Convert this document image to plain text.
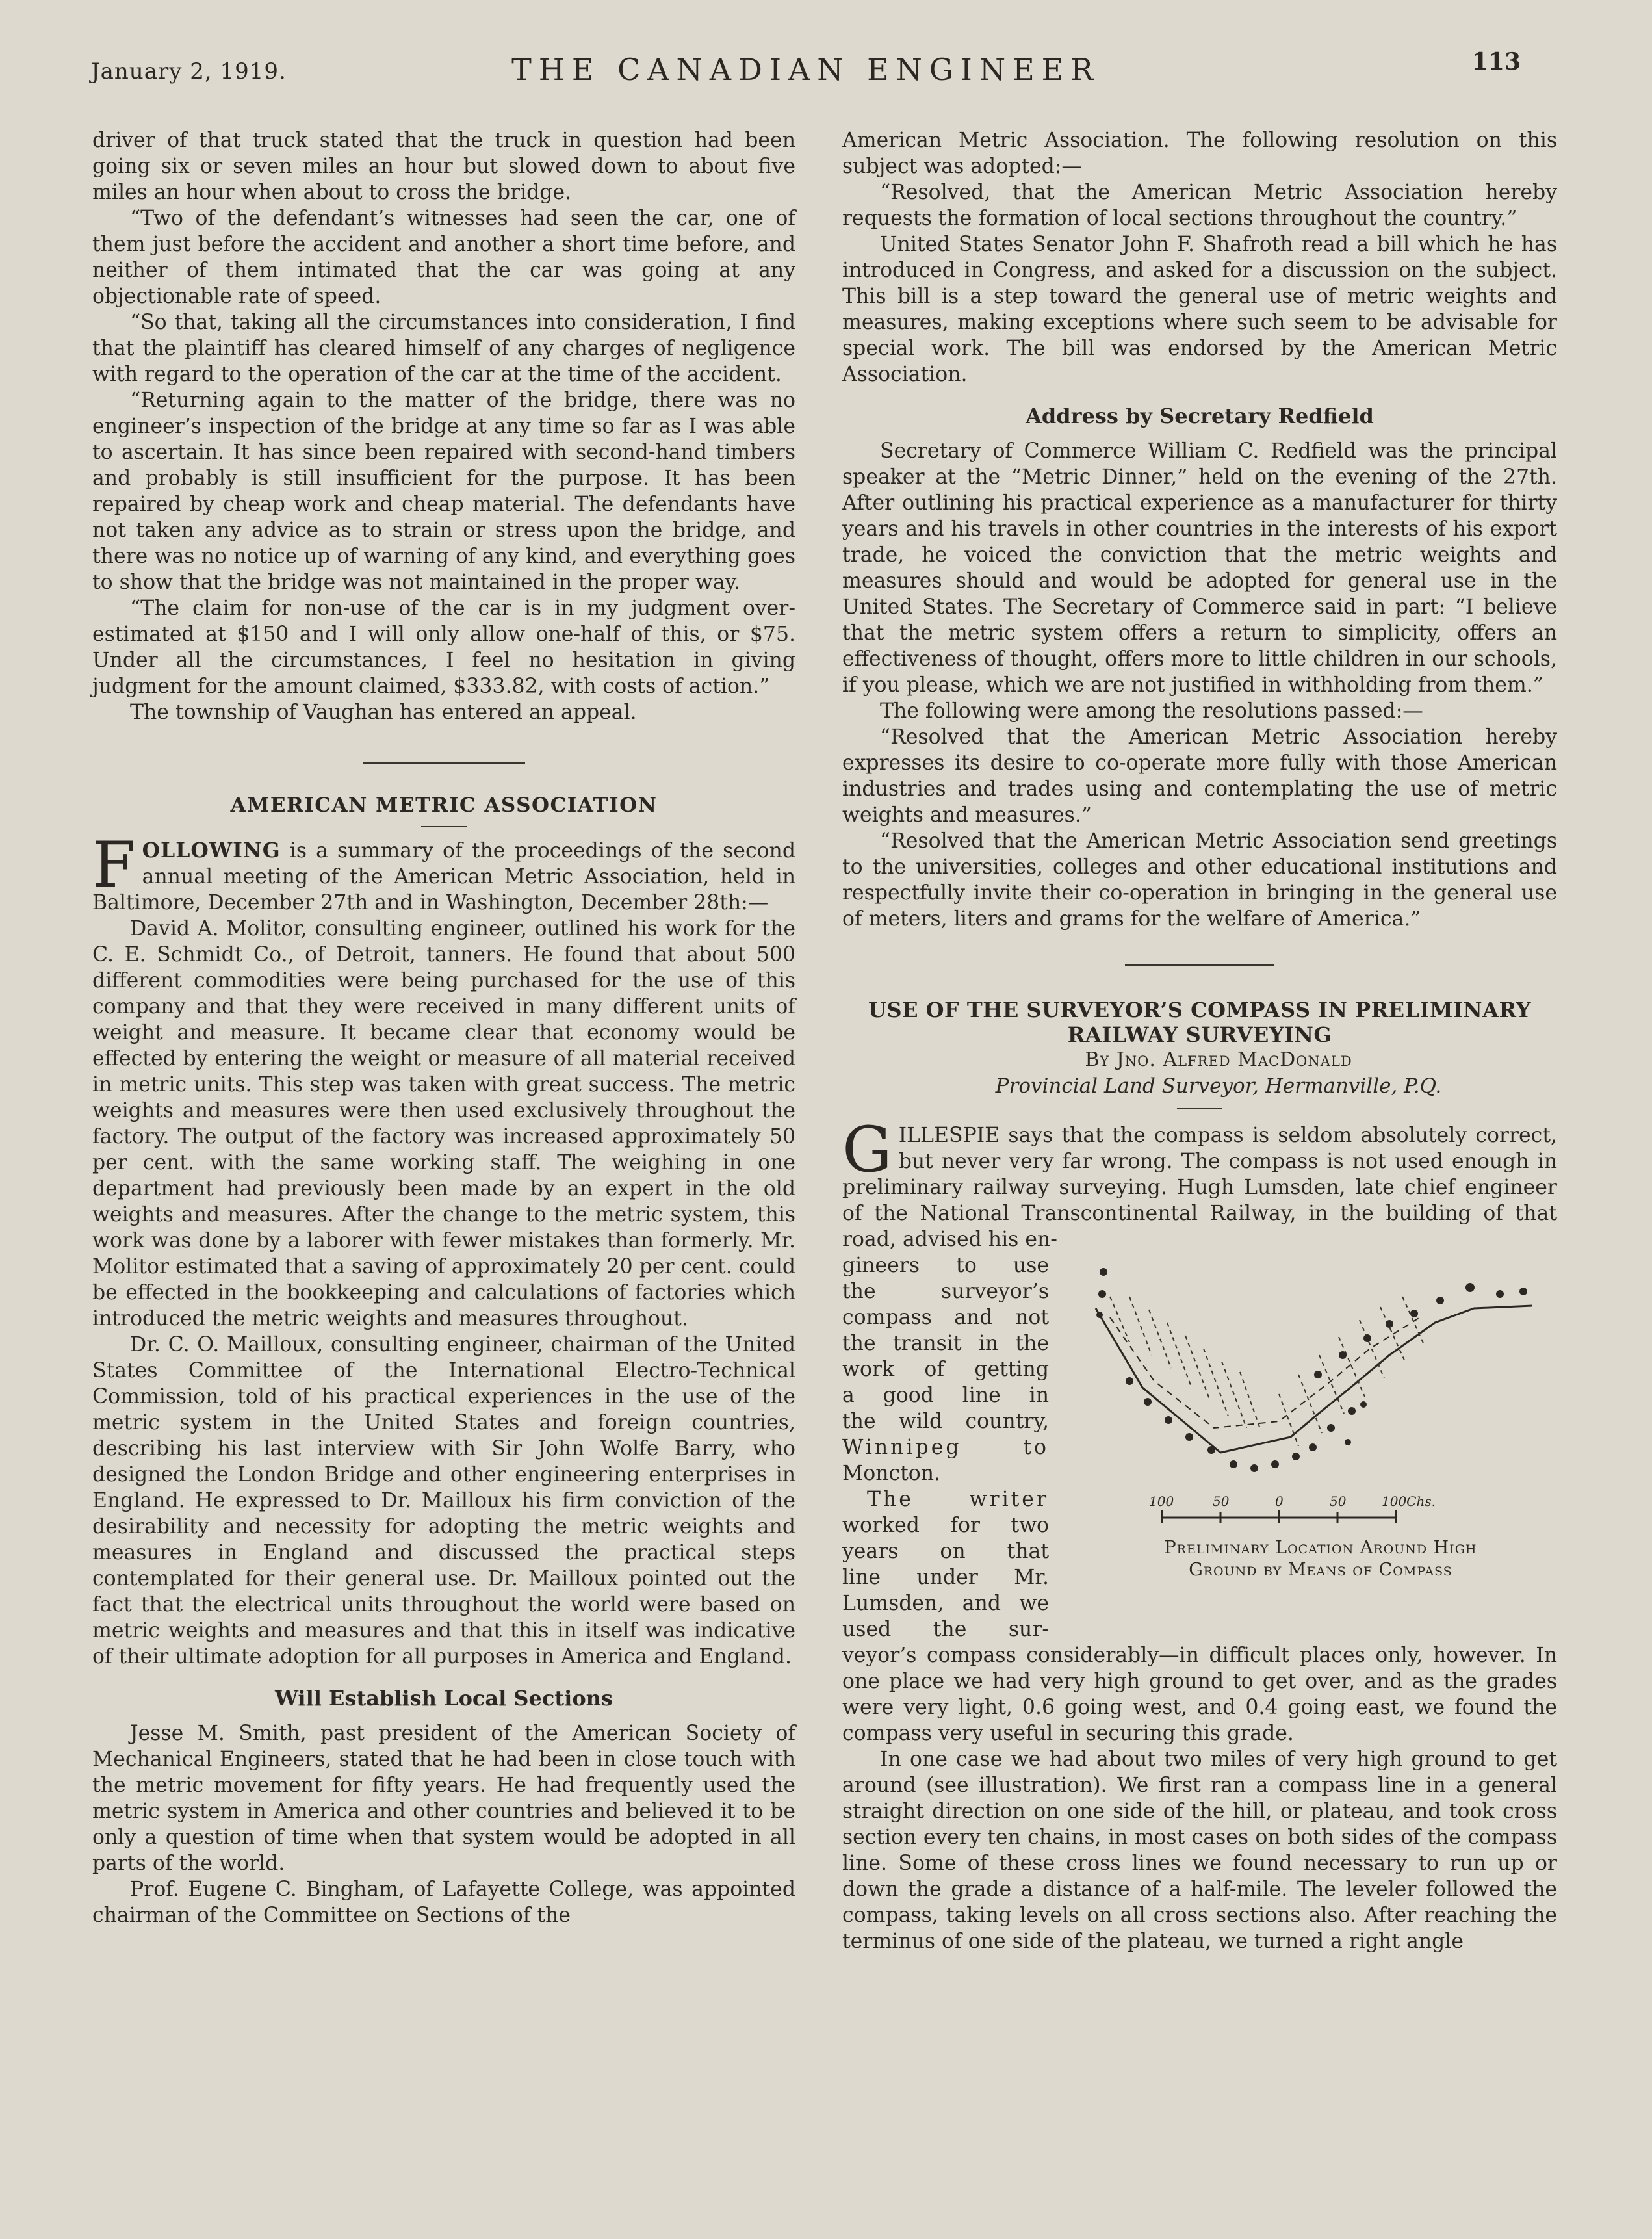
January 2, 1919.	THE CANADIAN ENGINEER	113

driver of that truck stated that the truck in question had been going six or seven miles an hour but slowed down to about five miles an hour when about to cross the bridge.

“Two of the defendant’s witnesses had seen the car, one of them just before the accident and another a short time before, and neither of them intimated that the car was going at any objectionable rate of speed.

“So that, taking all the circumstances into consideration, I find that the plaintiff has cleared himself of any charges of negligence with regard to the operation of the car at the time of the accident.

“Returning again to the matter of the bridge, there was no engineer’s inspection of the bridge at any time so far as I was able to ascertain. It has since been repaired with second-hand timbers and probably is still insufficient for the purpose. It has been repaired by cheap work and cheap material. The defendants have not taken any advice as to strain or stress upon the bridge, and there was no notice up of warning of any kind, and everything goes to show that the bridge was not maintained in the proper way.

“The claim for non-use of the car is in my judgment over-estimated at $150 and I will only allow one-half of this, or $75. Under all the circumstances, I feel no hesitation in giving judgment for the amount claimed, $333.82, with costs of action.”

The township of Vaughan has entered an appeal.

AMERICAN METRIC ASSOCIATION

FOLLOWING is a summary of the proceedings of the second annual meeting of the American Metric Association, held in Baltimore, December 27th and in Washington, December 28th:—

David A. Molitor, consulting engineer, outlined his work for the C. E. Schmidt Co., of Detroit, tanners. He found that about 500 different commodities were being purchased for the use of this company and that they were received in many different units of weight and measure. It became clear that economy would be effected by entering the weight or measure of all material received in metric units. This step was taken with great success. The metric weights and measures were then used exclusively throughout the factory. The output of the factory was increased approximately 50 per cent. with the same working staff. The weighing in one department had previously been made by an expert in the old weights and measures. After the change to the metric system, this work was done by a laborer with fewer mistakes than formerly. Mr. Molitor estimated that a saving of approximately 20 per cent. could be effected in the bookkeeping and calculations of factories which introduced the metric weights and measures throughout.

Dr. C. O. Mailloux, consulting engineer, chairman of the United States Committee of the International Electro-Technical Commission, told of his practical experiences in the use of the metric system in the United States and foreign countries, describing his last interview with Sir John Wolfe Barry, who designed the London Bridge and other engineering enterprises in England. He expressed to Dr. Mailloux his firm conviction of the desirability and necessity for adopting the metric weights and measures in England and discussed the practical steps contemplated for their general use. Dr. Mailloux pointed out the fact that the electrical units throughout the world were based on metric weights and measures and that this in itself was indicative of their ultimate adoption for all purposes in America and England.

Will Establish Local Sections

Jesse M. Smith, past president of the American Society of Mechanical Engineers, stated that he had been in close touch with the metric movement for fifty years. He had frequently used the metric system in America and other countries and believed it to be only a question of time when that system would be adopted in all parts of the world.

Prof. Eugene C. Bingham, of Lafayette College, was appointed chairman of the Committee on Sections of the

American Metric Association. The following resolution on this subject was adopted:—

“Resolved, that the American Metric Association hereby requests the formation of local sections throughout the country.”

United States Senator John F. Shafroth read a bill which he has introduced in Congress, and asked for a discussion on the subject. This bill is a step toward the general use of metric weights and measures, making exceptions where such seem to be advisable for special work. The bill was endorsed by the American Metric Association.

Address by Secretary Redfield

Secretary of Commerce William C. Redfield was the principal speaker at the “Metric Dinner,” held on the evening of the 27th. After outlining his practical experience as a manufacturer for thirty years and his travels in other countries in the interests of his export trade, he voiced the conviction that the metric weights and measures should and would be adopted for general use in the United States. The Secretary of Commerce said in part: “I believe that the metric system offers a return to simplicity, offers an effectiveness of thought, offers more to little children in our schools, if you please, which we are not justified in withholding from them.”

The following were among the resolutions passed:—

“Resolved that the American Metric Association hereby expresses its desire to co-operate more fully with those American industries and trades using and contemplating the use of metric weights and measures.”

“Resolved that the American Metric Association send greetings to the universities, colleges and other educational institutions and respectfully invite their co-operation in bringing in the general use of meters, liters and grams for the welfare of America.”

USE OF THE SURVEYOR’S COMPASS IN PRELIMINARY
RAILWAY SURVEYING

By Jno. Alfred MacDonald

Provincial Land Surveyor, Hermanville, P.Q.

GILLESPIE says that the compass is seldom absolutely correct, but never very far wrong. The compass is not used enough in preliminary railway surveying. Hugh Lumsden, late chief engineer of the National Transcontinental Railway, in the building of that road, advised his en-

gineers to use

the surveyor’s

compass and not

the transit in the

work of getting

a good line in

the wild country,

Winnipeg to

Moncton.

The writer

worked for two

years on that

line under Mr.

Lumsden, and we

used the sur-

100	50	0	50	100Chs.
Preliminary Location Around High
Ground by Means of Compass

veyor’s compass considerably—in difficult places only, however. In one place we had very high ground to get over, and as the grades were very light, 0.6 going west, and 0.4 going east, we found the compass very useful in securing this grade.

In one case we had about two miles of very high ground to get around (see illustration). We first ran a compass line in a general straight direction on one side of the hill, or plateau, and took cross section every ten chains, in most cases on both sides of the compass line. Some of these cross lines we found necessary to run up or down the grade a distance of a half-mile. The leveler followed the compass, taking levels on all cross sections also. After reaching the terminus of one side of the plateau, we turned a right angle
